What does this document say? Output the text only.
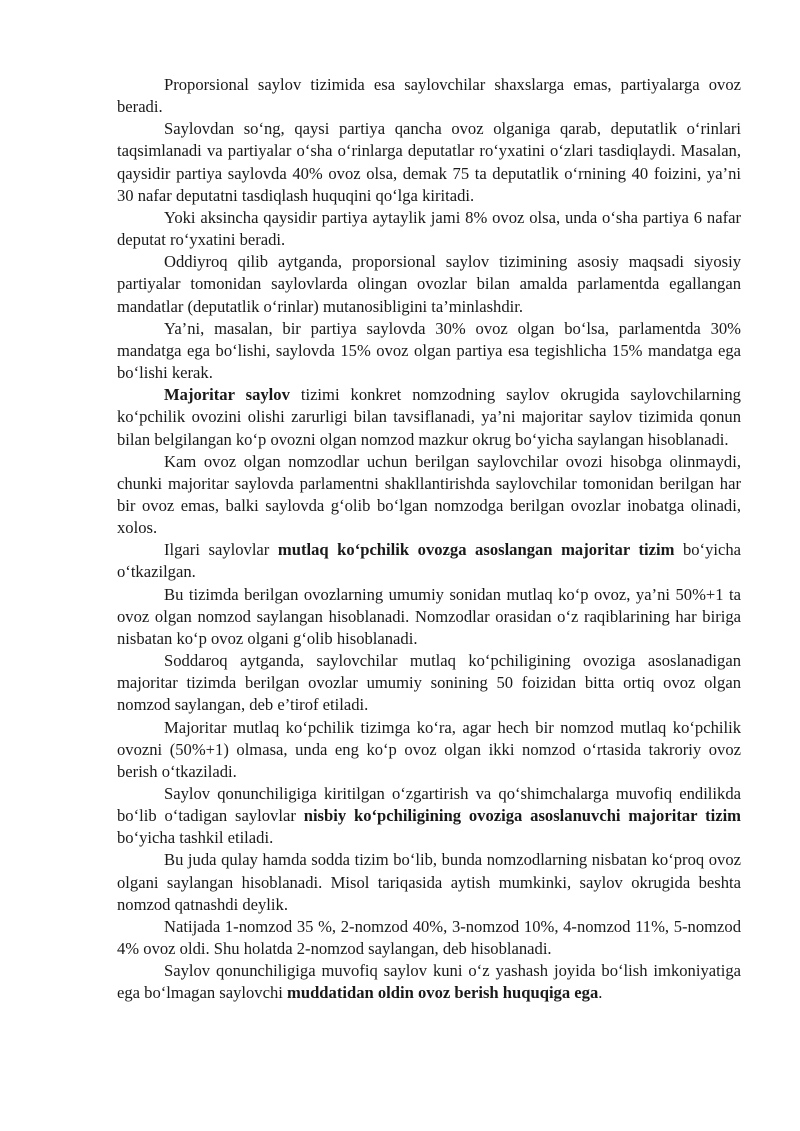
Proporsional saylov tizimida esa saylovchilar shaxslarga emas, partiyalarga ovoz beradi.

Saylovdan so‘ng, qaysi partiya qancha ovoz olganiga qarab, deputatlik o‘rinlari taqsimlanadi va partiyalar o‘sha o‘rinlarga deputatlar ro‘yxatini o‘zlari tasdiqlaydi. Masalan, qaysidir partiya saylovda 40% ovoz olsa, demak 75 ta deputatlik o‘rnining 40 foizini, ya’ni 30 nafar deputatni tasdiqlash huquqini qo‘lga kiritadi.

Yoki aksincha qaysidir partiya aytaylik jami 8% ovoz olsa, unda o‘sha partiya 6 nafar deputat ro‘yxatini beradi.

Oddiyroq qilib aytganda, proporsional saylov tizimining asosiy maqsadi siyosiy partiyalar tomonidan saylovlarda olingan ovozlar bilan amalda parlamentda egallangan mandatlar (deputatlik o‘rinlar) mutanosibligini ta’minlashdir.

Ya’ni, masalan, bir partiya saylovda 30% ovoz olgan bo‘lsa, parlamentda 30% mandatga ega bo‘lishi, saylovda 15% ovoz olgan partiya esa tegishlicha 15% mandatga ega bo‘lishi kerak.

Majoritar saylov tizimi konkret nomzodning saylov okrugida saylovchilarning ko‘pchilik ovozini olishi zarurligi bilan tavsiflanadi, ya’ni majoritar saylov tizimida qonun bilan belgilangan ko‘p ovozni olgan nomzod mazkur okrug bo‘yicha saylangan hisoblanadi.

Kam ovoz olgan nomzodlar uchun berilgan saylovchilar ovozi hisobga olinmaydi, chunki majoritar saylovda parlamentni shakllantirishda saylovchilar tomonidan berilgan har bir ovoz emas, balki saylovda g‘olib bo‘lgan nomzodga berilgan ovozlar inobatga olinadi, xolos.

Ilgari saylovlar mutlaq ko‘pchilik ovozga asoslangan majoritar tizim bo‘yicha o‘tkazilgan.

Bu tizimda berilgan ovozlarning umumiy sonidan mutlaq ko‘p ovoz, ya’ni 50%+1 ta ovoz olgan nomzod saylangan hisoblanadi. Nomzodlar orasidan o‘z raqiblarining har biriga nisbatan ko‘p ovoz olgani g‘olib hisoblanadi.

Soddaroq aytganda, saylovchilar mutlaq ko‘pchiligining ovoziga asoslanadigan majoritar tizimda berilgan ovozlar umumiy sonining 50 foizidan bitta ortiq ovoz olgan nomzod saylangan, deb e’tirof etiladi.

Majoritar mutlaq ko‘pchilik tizimga ko‘ra, agar hech bir nomzod mutlaq ko‘pchilik ovozni (50%+1) olmasa, unda eng ko‘p ovoz olgan ikki nomzod o‘rtasida takroriy ovoz berish o‘tkaziladi.

Saylov qonunchiligiga kiritilgan o‘zgartirish va qo‘shimchalarga muvofiq endilikda bo‘lib o‘tadigan saylovlar nisbiy ko‘pchiligining ovoziga asoslanuvchi majoritar tizim bo‘yicha tashkil etiladi.

Bu juda qulay hamda sodda tizim bo‘lib, bunda nomzodlarning nisbatan ko‘proq ovoz olgani saylangan hisoblanadi. Misol tariqasida aytish mumkinki, saylov okrugida beshta nomzod qatnashdi deylik.

Natijada 1-nomzod 35 %, 2-nomzod 40%, 3-nomzod 10%, 4-nomzod 11%, 5-nomzod 4% ovoz oldi. Shu holatda 2-nomzod saylangan, deb hisoblanadi.

Saylov qonunchiligiga muvofiq saylov kuni o‘z yashash joyida bo‘lish imkoniyatiga ega bo‘lmagan saylovchi muddatidan oldin ovoz berish huquqiga ega.
